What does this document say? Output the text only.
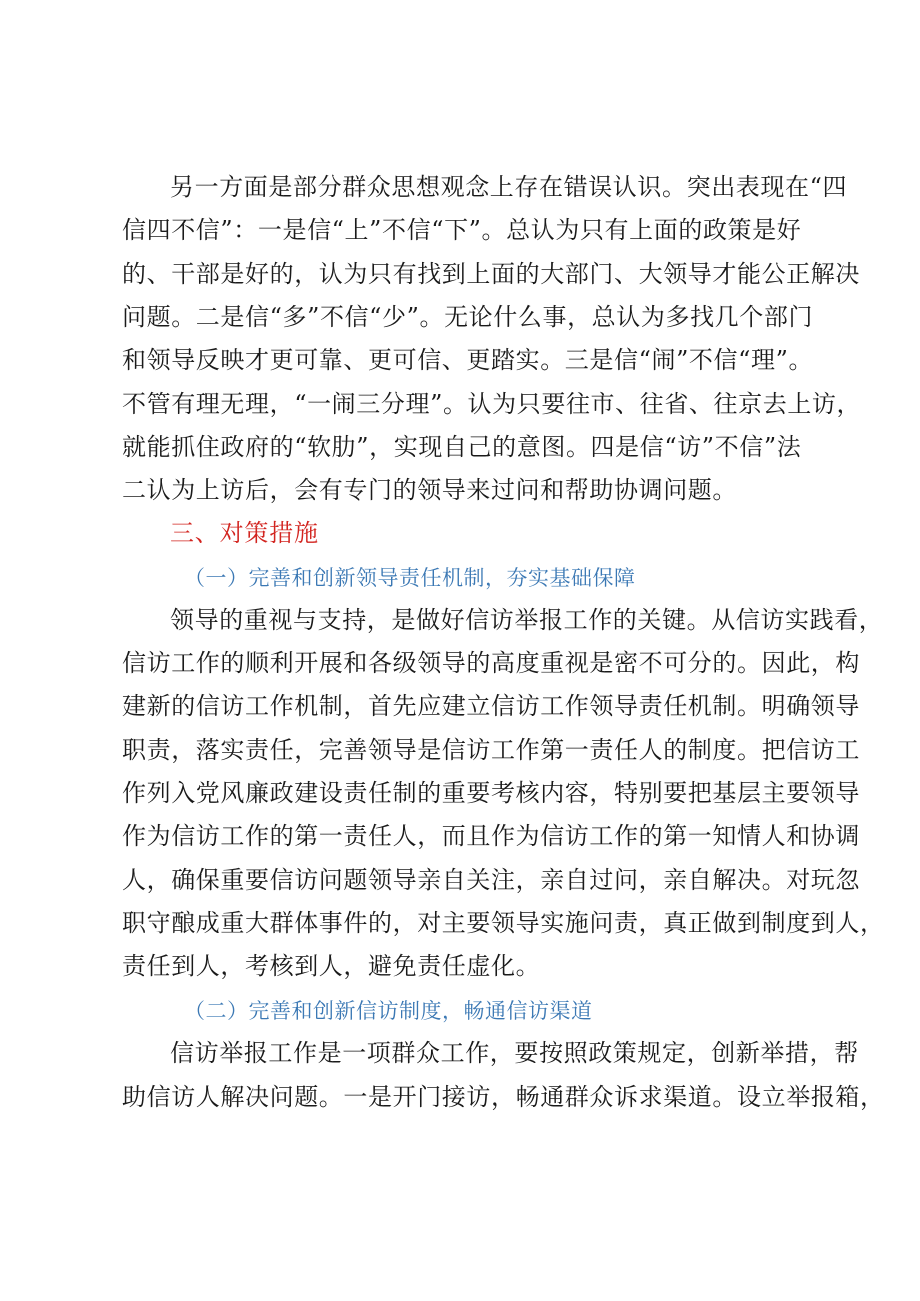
另一方面是部分群众思想观念上存在错误认识。突出表现在“四
信四不信”：一是信“上”不信“下”。总认为只有上面的政策是好
的、干部是好的，认为只有找到上面的大部门、大领导才能公正解决
问题。二是信“多”不信“少”。无论什么事，总认为多找几个部门
和领导反映才更可靠、更可信、更踏实。三是信“闹”不信“理”。
不管有理无理，“一闹三分理”。认为只要往市、往省、往京去上访，
就能抓住政府的“软肋”，实现自己的意图。四是信“访”不信”法
二认为上访后，会有专门的领导来过问和帮助协调问题。
三、对策措施
（一）完善和创新领导责任机制，夯实基础保障
领导的重视与支持，是做好信访举报工作的关键。从信访实践看，
信访工作的顺利开展和各级领导的高度重视是密不可分的。因此，构
建新的信访工作机制，首先应建立信访工作领导责任机制。明确领导
职责，落实责任，完善领导是信访工作第一责任人的制度。把信访工
作列入党风廉政建设责任制的重要考核内容，特别要把基层主要领导
作为信访工作的第一责任人，而且作为信访工作的第一知情人和协调
人，确保重要信访问题领导亲自关注，亲自过问，亲自解决。对玩忽
职守酿成重大群体事件的，对主要领导实施问责，真正做到制度到人，
责任到人，考核到人，避免责任虚化。
（二）完善和创新信访制度，畅通信访渠道
信访举报工作是一项群众工作，要按照政策规定，创新举措，帮
助信访人解决问题。一是开门接访，畅通群众诉求渠道。设立举报箱，
